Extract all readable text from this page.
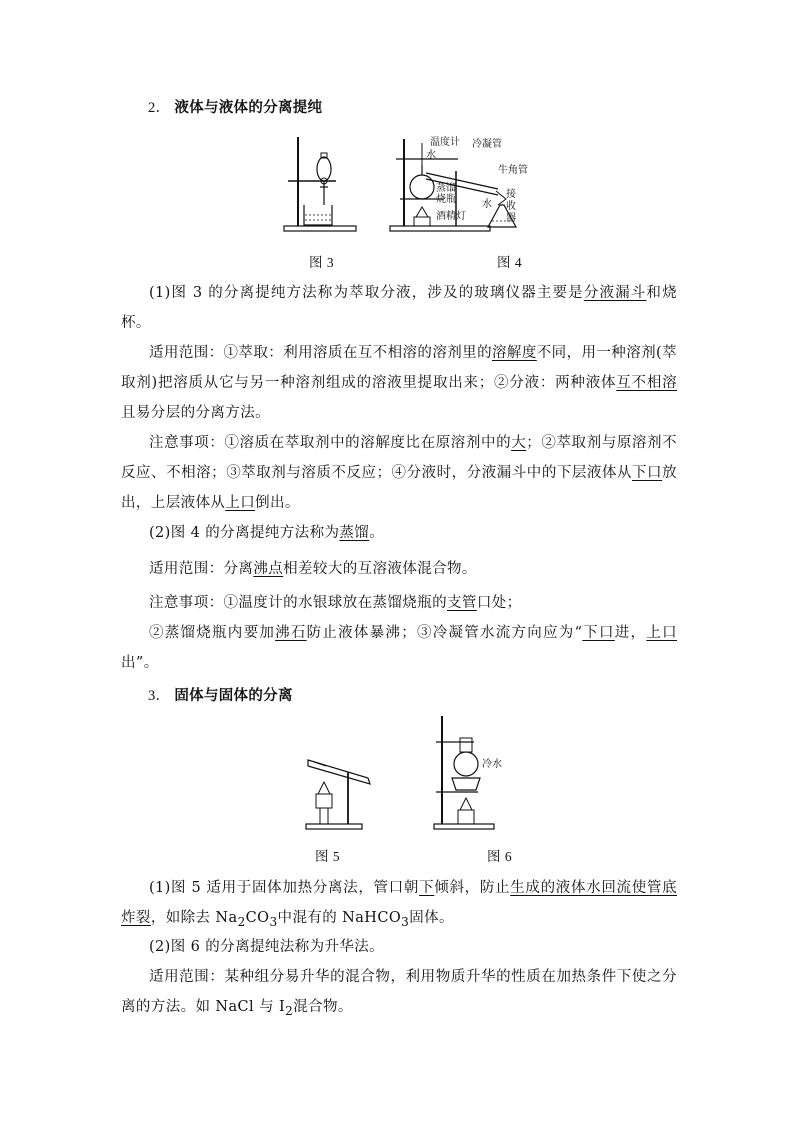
2． 液体与液体的分离提纯
温度计
水
冷凝管
牛角管
蒸馏
烧瓶	接
收
器
水
酒精灯
图 3	图 4
(1)图 3 的分离提纯方法称为萃取分液，涉及的玻璃仪器主要是分液漏斗和烧杯。
适用范围：①萃取：利用溶质在互不相溶的溶剂里的溶解度不同，用一种溶剂(萃取剂)把溶质从它与另一种溶剂组成的溶液里提取出来；②分液：两种液体互不相溶且易分层的分离方法。
注意事项：①溶质在萃取剂中的溶解度比在原溶剂中的大；②萃取剂与原溶剂不反应、不相溶；③萃取剂与溶质不反应；④分液时，分液漏斗中的下层液体从下口放出，上层液体从上口倒出。
(2)图 4 的分离提纯方法称为蒸馏。
适用范围：分离沸点相差较大的互溶液体混合物。
注意事项：①温度计的水银球放在蒸馏烧瓶的支管口处；
②蒸馏烧瓶内要加沸石防止液体暴沸；③冷凝管水流方向应为“下口进，上口出”。
3． 固体与固体的分离
冷水
图 5	图 6
(1)图 5 适用于固体加热分离法，管口朝下倾斜，防止生成的液体水回流使管底炸裂，如除去 $Na_2CO_3$中混有的 NaHCO$_3$固体。
(2)图 6 的分离提纯法称为升华法。
适用范围：某种组分易升华的混合物，利用物质升华的性质在加热条件下使之分离的方法。如 NaCl 与 $I_2$混合物。
